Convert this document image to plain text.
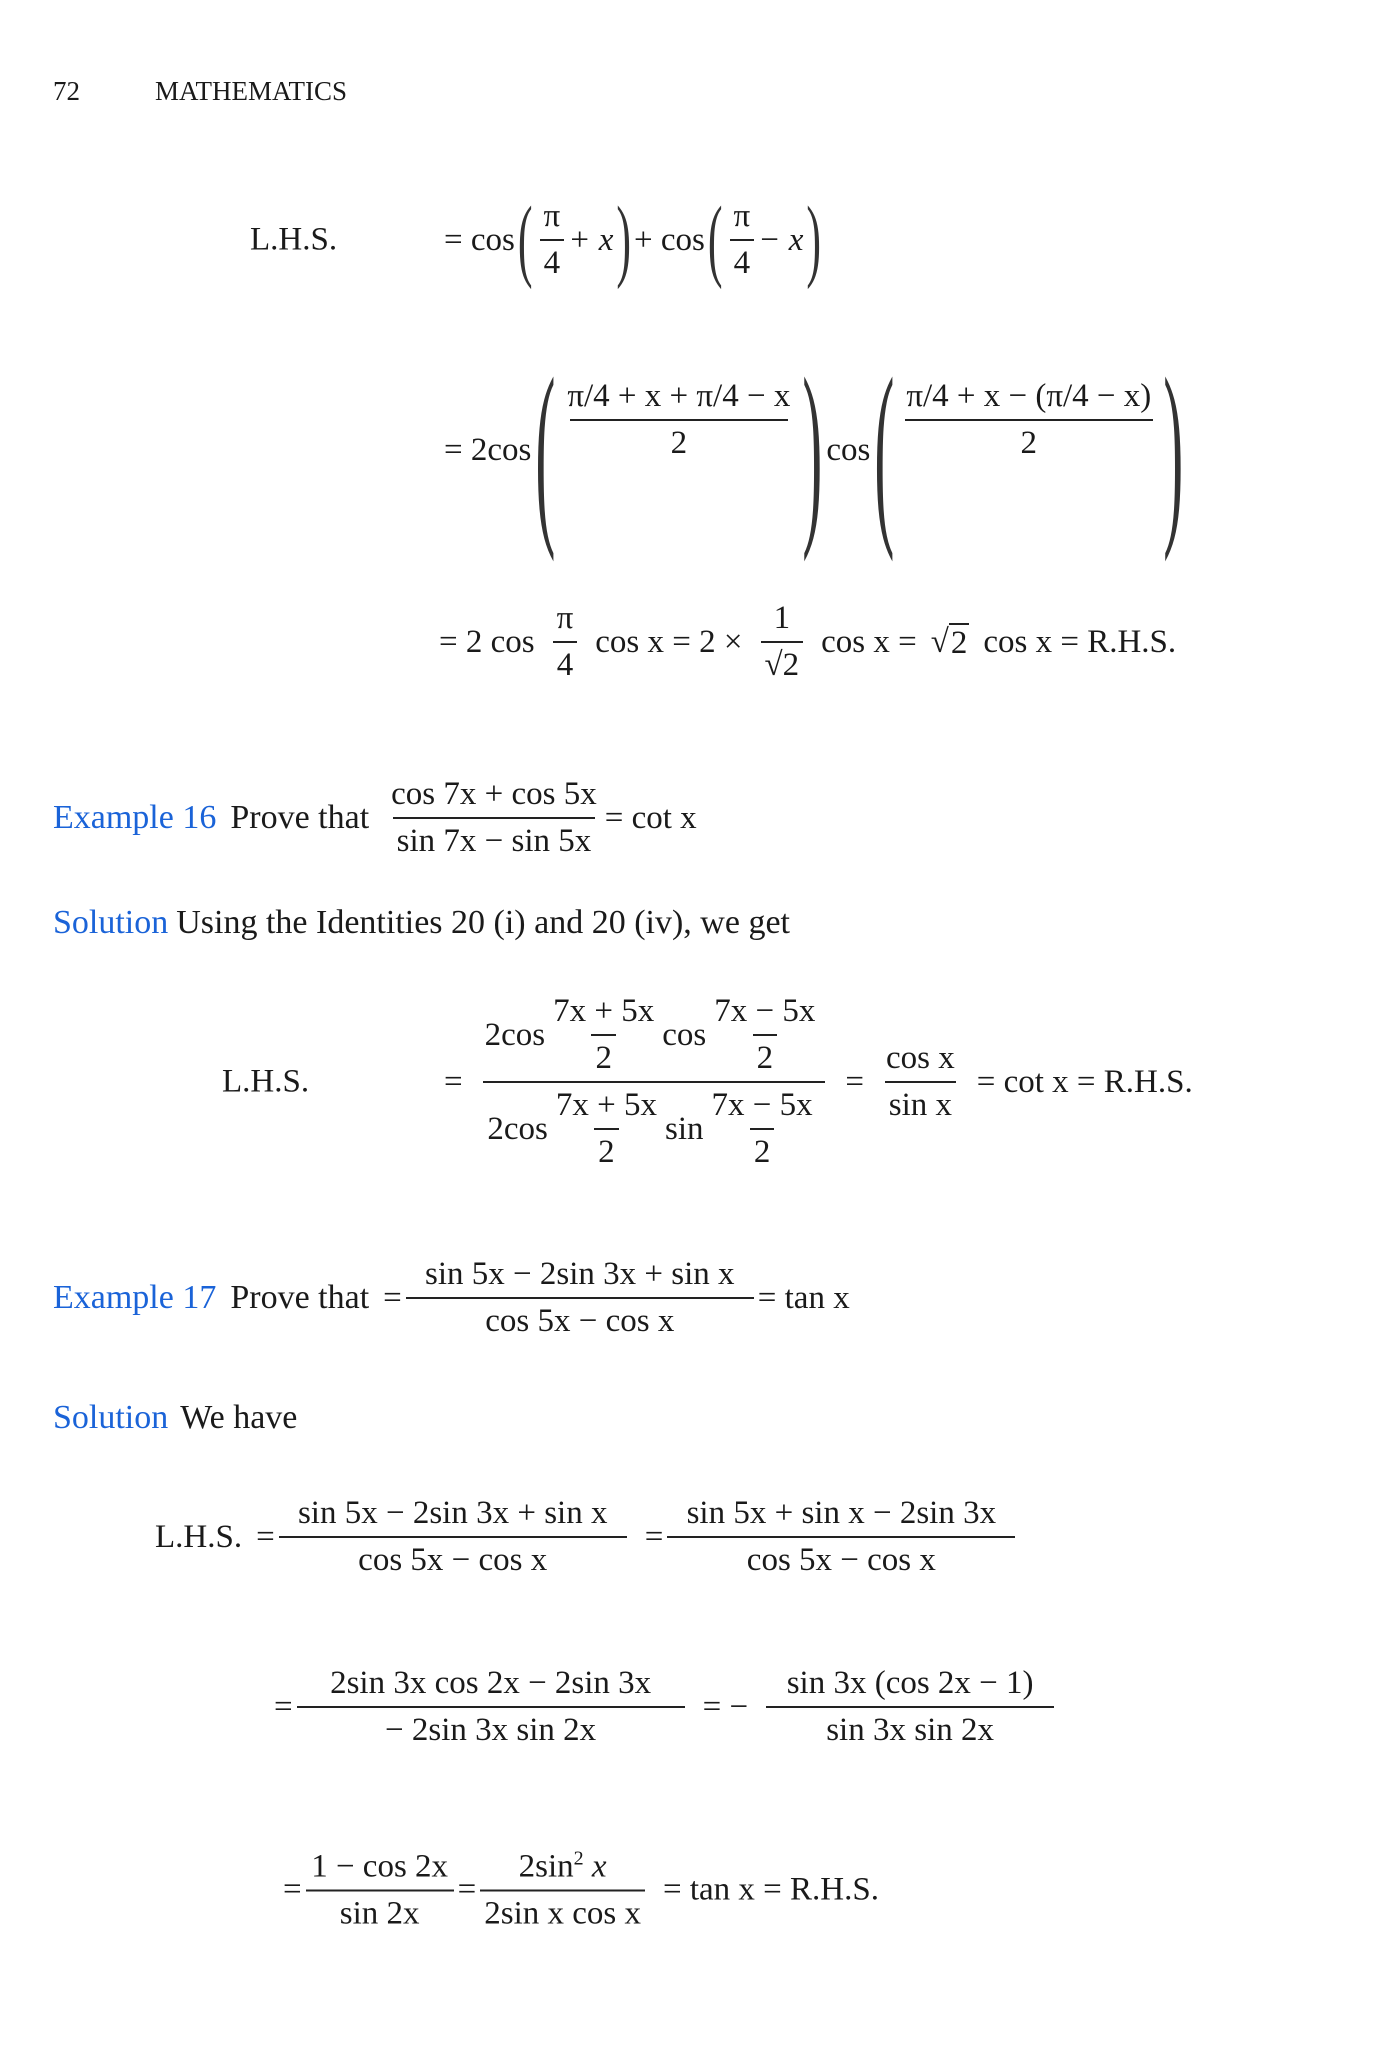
72	MATHEMATICS
L.H.S.	= cos ( $\frac{\pi}{4} + x$ ) + cos ( $\frac{\pi}{4} - x$ )
= 2cos ( $\frac{\pi/4 + x + \pi/4 - x}{2}$ ) cos ( $\frac{\pi/4 + x - (\pi/4 - x)}{2}$ )
= 2 $\cos \frac{\pi}{4}$ $\cos x = 2 \times \frac{1}{√2}$ cos x = √ 2 cos x = R.H.S.
Example 16 Prove that $\frac{\cos 7x + \cos 5x}{\sin 7x - \sin 5x} = \cot x$
Solution Using the Identities 20 (i) and 20 (iv), we get
L.H.S.	= $\frac{2\cos \frac{7x + 5x}{2} \cos \frac{7x - 5x}{2}}{2\cos \frac{7x + 5x}{2} \sin \frac{7x - 5x}{2}} = \frac{\text{cos x}}{\text{sin x}} = \cot x = R.H.S$.
Example 17 Prove that = $\frac{\text{sin 5x − 2sin 3x + sin x}}{\text{cos 5x − cos x}} = \tan x$
Solution We have
L.H.S. = $\frac{\text{sin 5x − 2sin 3x + sin x}}{\text{cos 5x − cos x}} = \frac{\text{sin 5x + sin x − 2sin 3x}}{\text{cos 5x − cos x}}$
= $\frac{\text{2sin 3x cos 2x − 2sin 3x}}{\text{− 2sin 3x sin 2x}}$ = − $\frac{\sin 3x (\cos 2x - 1)}{\text{sin 3x sin 2x}}$
= $\frac{1 - \cos 2x}{\sin 2x} = \frac{2\sin^2 x}{\text{2sin x cos x}} = \tan x = R.H.S$.
